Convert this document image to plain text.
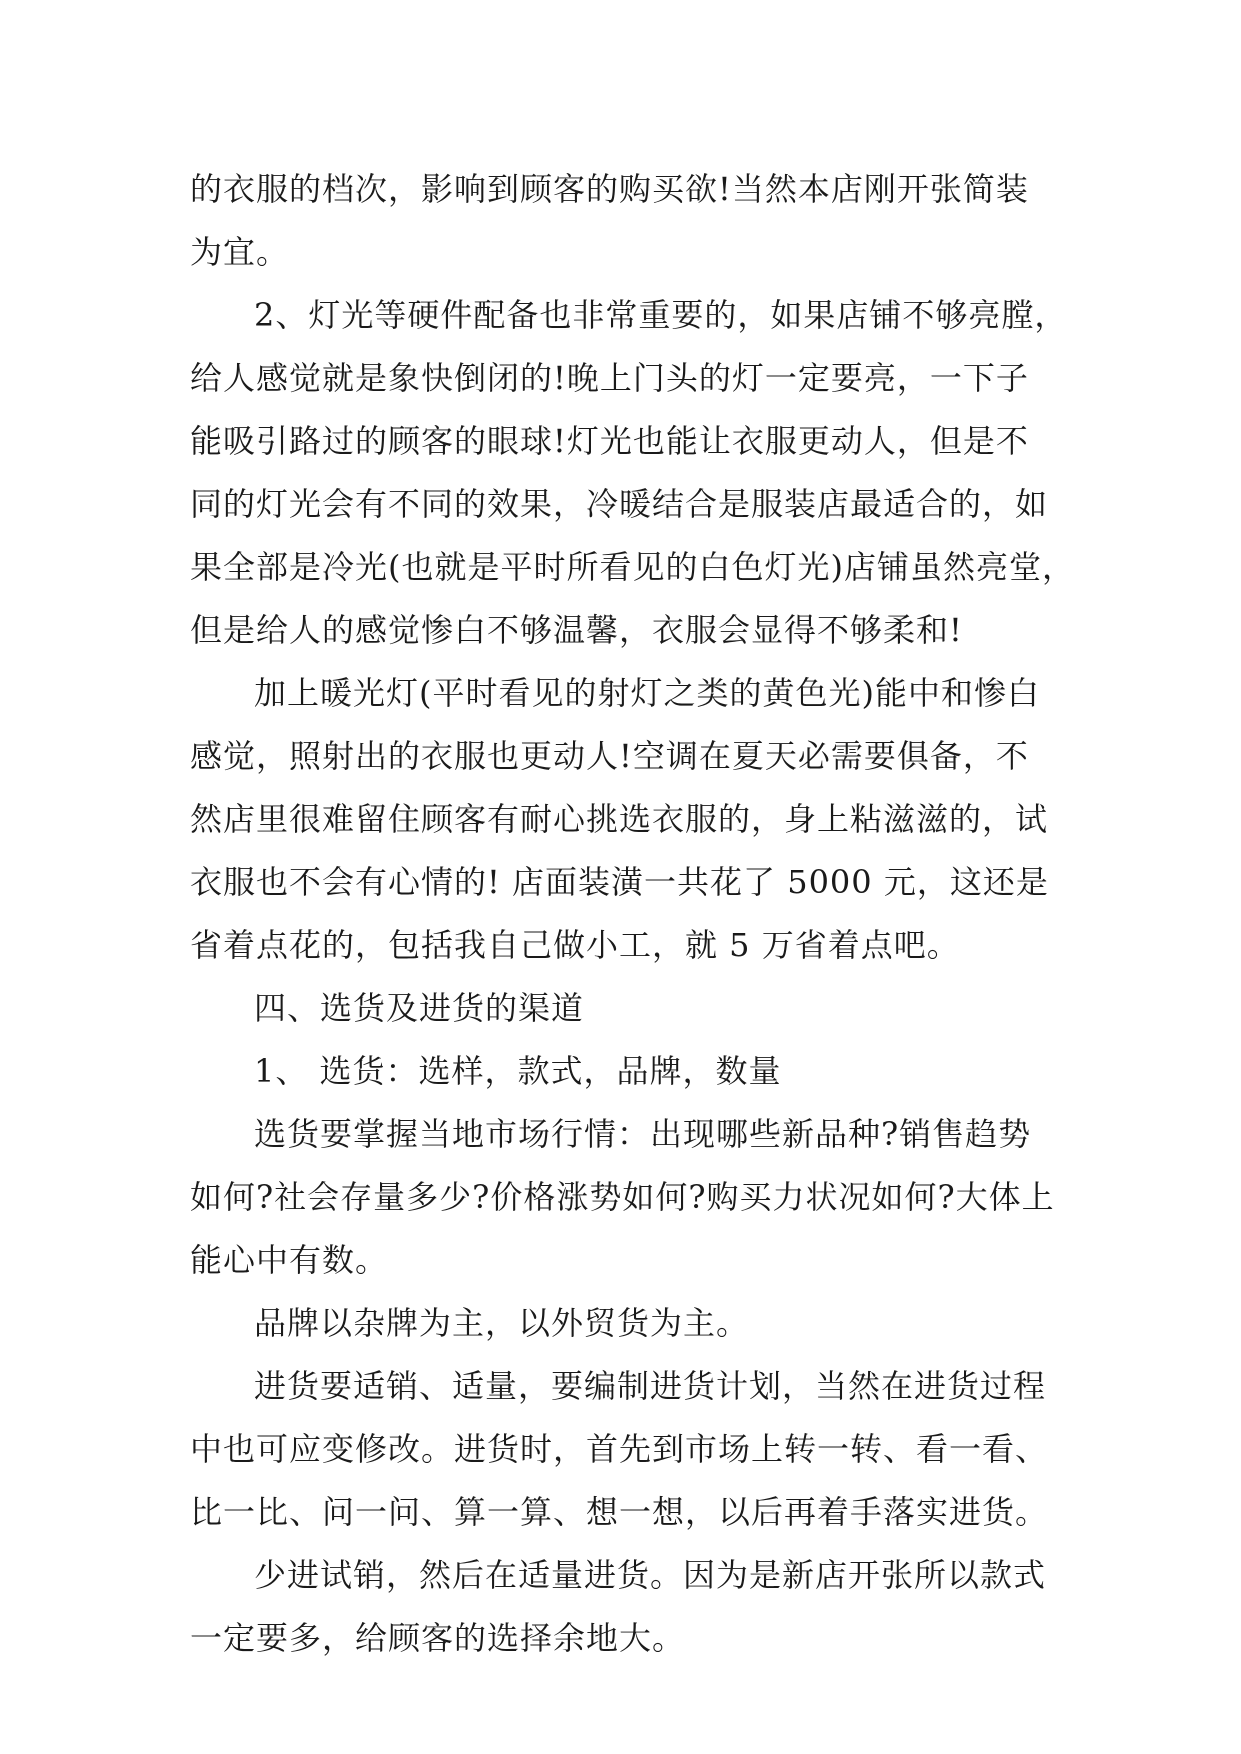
的衣服的档次，影响到顾客的购买欲!当然本店刚开张简装
为宜。
2、灯光等硬件配备也非常重要的，如果店铺不够亮膛，
给人感觉就是象快倒闭的!晚上门头的灯一定要亮，一下子
能吸引路过的顾客的眼球!灯光也能让衣服更动人，但是不
同的灯光会有不同的效果，冷暖结合是服装店最适合的，如
果全部是冷光(也就是平时所看见的白色灯光)店铺虽然亮堂，
但是给人的感觉惨白不够温馨，衣服会显得不够柔和!
加上暖光灯(平时看见的射灯之类的黄色光)能中和惨白
感觉，照射出的衣服也更动人!空调在夏天必需要俱备，不
然店里很难留住顾客有耐心挑选衣服的，身上粘滋滋的，试
衣服也不会有心情的! 店面装潢一共花了 5000 元，这还是
省着点花的，包括我自己做小工，就 5 万省着点吧。
四、选货及进货的渠道
1、 选货：选样，款式，品牌，数量
选货要掌握当地市场行情：出现哪些新品种?销售趋势
如何?社会存量多少?价格涨势如何?购买力状况如何?大体上
能心中有数。
品牌以杂牌为主，以外贸货为主。
进货要适销、适量，要编制进货计划，当然在进货过程
中也可应变修改。进货时，首先到市场上转一转、看一看、
比一比、问一问、算一算、想一想，以后再着手落实进货。
少进试销，然后在适量进货。因为是新店开张所以款式
一定要多，给顾客的选择余地大。
